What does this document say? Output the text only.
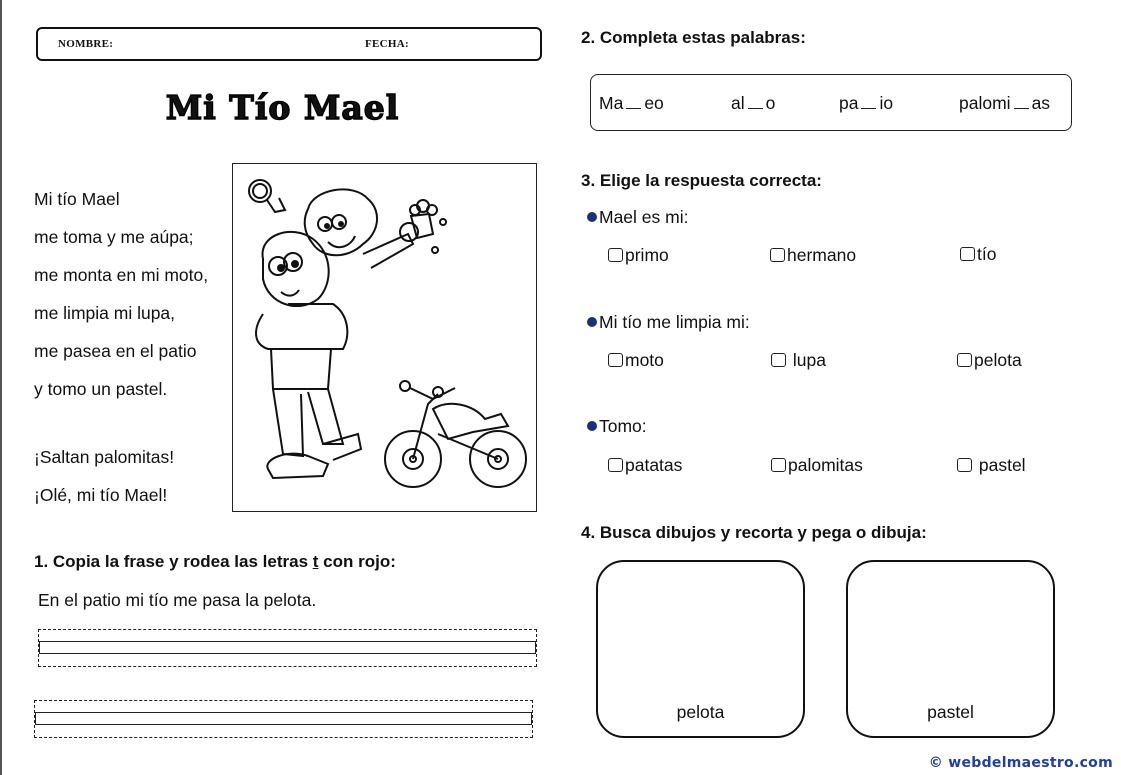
NOMBRE:	FECHA:
Mi Tío Mael
Mi tío Mael
me toma y me aúpa;
me monta en mi moto,
me limpia mi lupa,
me pasea en el patio
y tomo un pastel.
¡Saltan palomitas!
¡Olé, mi tío Mael!
1. Copia la frase y rodea las letras t con rojo:
En el patio mi tío me pasa la pelota.
2. Completa estas palabras:
Ma eo	al o	pa io	palomi as
3. Elige la respuesta correcta:
Mael es mi:
primo	hermano	tío
Mi tío me limpia mi:
moto	lupa	pelota
Tomo:
patatas	palomitas	pastel
4. Busca dibujos y recorta y pega o dibuja:
pelota	pastel
© webdelmaestro.com
